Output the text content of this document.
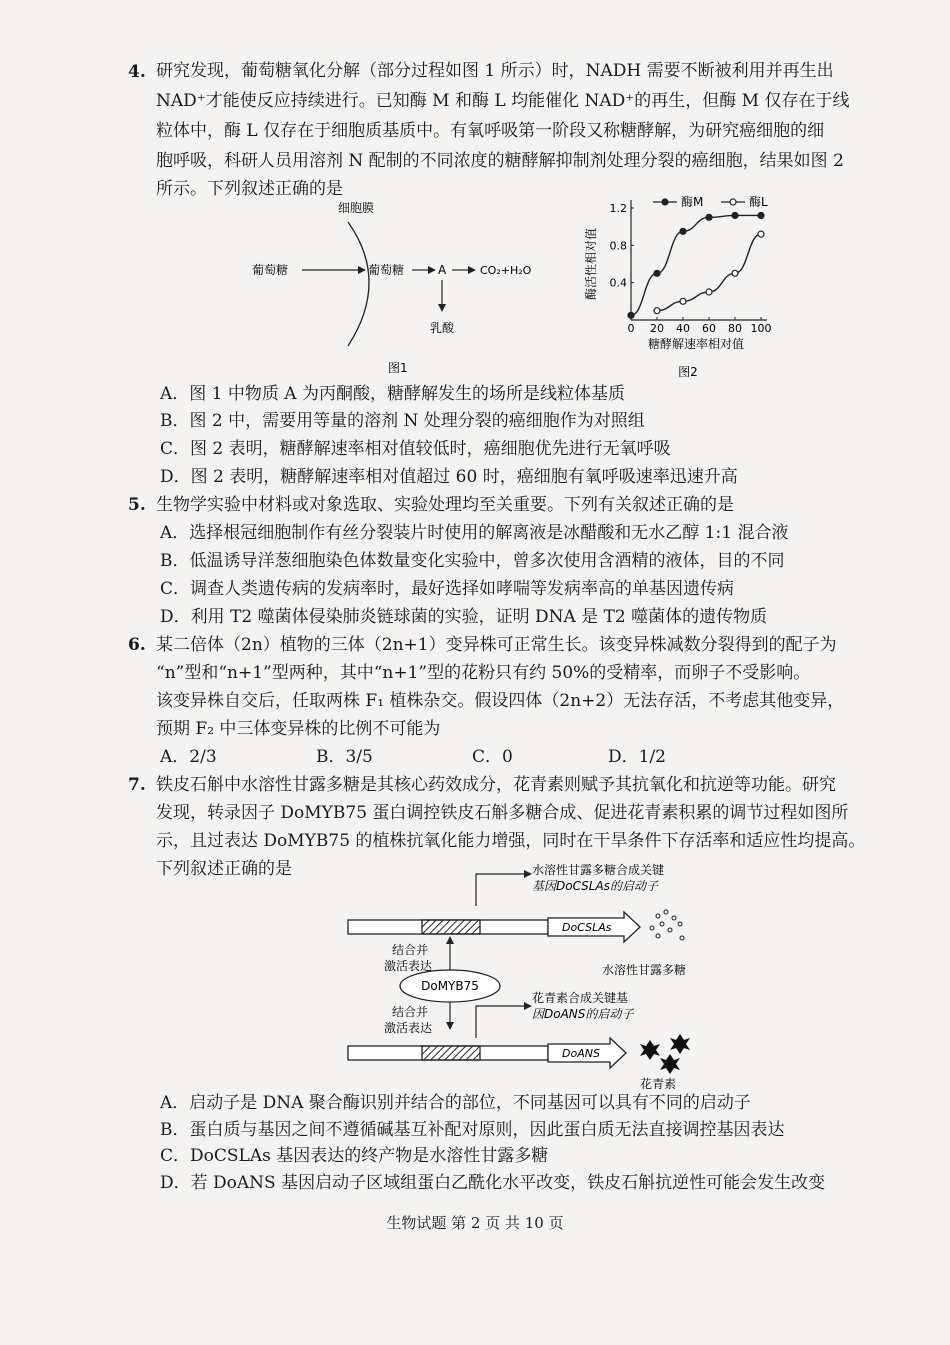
4. 研究发现，葡萄糖氧化分解（部分过程如图 1 所示）时，NADH 需要不断被利用并再生出
NAD⁺才能使反应持续进行。已知酶 M 和酶 L 均能催化 NAD⁺的再生，但酶 M 仅存在于线
粒体中，酶 L 仅存在于细胞质基质中。有氧呼吸第一阶段又称糖酵解，为研究癌细胞的细
胞呼吸，科研人员用溶剂 N 配制的不同浓度的糖酵解抑制剂处理分裂的癌细胞，结果如图 2
所示。下列叙述正确的是
细胞膜
葡萄糖	葡萄糖	A	CO₂+H₂O
乳酸
图1
0 20 40 60 80 100
0.4
0.8
1.2
糖酵解速率相对值
酶活性相对值
酶M	酶L
图2
A．图 1 中物质 A 为丙酮酸，糖酵解发生的场所是线粒体基质
B．图 2 中，需要用等量的溶剂 N 处理分裂的癌细胞作为对照组
C．图 2 表明，糖酵解速率相对值较低时，癌细胞优先进行无氧呼吸
D．图 2 表明，糖酵解速率相对值超过 60 时，癌细胞有氧呼吸速率迅速升高
5. 生物学实验中材料或对象选取、实验处理均至关重要。下列有关叙述正确的是
A．选择根冠细胞制作有丝分裂装片时使用的解离液是冰醋酸和无水乙醇 1:1 混合液
B．低温诱导洋葱细胞染色体数量变化实验中，曾多次使用含酒精的液体，目的不同
C．调查人类遗传病的发病率时，最好选择如哮喘等发病率高的单基因遗传病
D．利用 T2 噬菌体侵染肺炎链球菌的实验，证明 DNA 是 T2 噬菌体的遗传物质
6. 某二倍体（2n）植物的三体（2n+1）变异株可正常生长。该变异株减数分裂得到的配子为
“n”型和“n+1”型两种，其中“n+1”型的花粉只有约 50%的受精率，而卵子不受影响。
该变异株自交后，任取两株 F₁ 植株杂交。假设四体（2n+2）无法存活，不考虑其他变异，
预期 F₂ 中三体变异株的比例不可能为
A．2/3	B．3/5	C．0	D．1/2
7. 铁皮石斛中水溶性甘露多糖是其核心药效成分，花青素则赋予其抗氧化和抗逆等功能。研究
发现，转录因子 DoMYB75 蛋白调控铁皮石斛多糖合成、促进花青素积累的调节过程如图所
示，且过表达 DoMYB75 的植株抗氧化能力增强，同时在干旱条件下存活率和适应性均提高。
下列叙述正确的是	水溶性甘露多糖合成关键
基因DoCSLAs的启动子
DoCSLAs
水溶性甘露多糖
结合并
激活表达
DoMYB75
结合并
激活表达
花青素合成关键基
因DoANS的启动子
DoANS
花青素
A．启动子是 DNA 聚合酶识别并结合的部位，不同基因可以具有不同的启动子
B．蛋白质与基因之间不遵循碱基互补配对原则，因此蛋白质无法直接调控基因表达
C．DoCSLAs 基因表达的终产物是水溶性甘露多糖
D．若 DoANS 基因启动子区域组蛋白乙酰化水平改变，铁皮石斛抗逆性可能会发生改变
生物试题 第 2 页 共 10 页
